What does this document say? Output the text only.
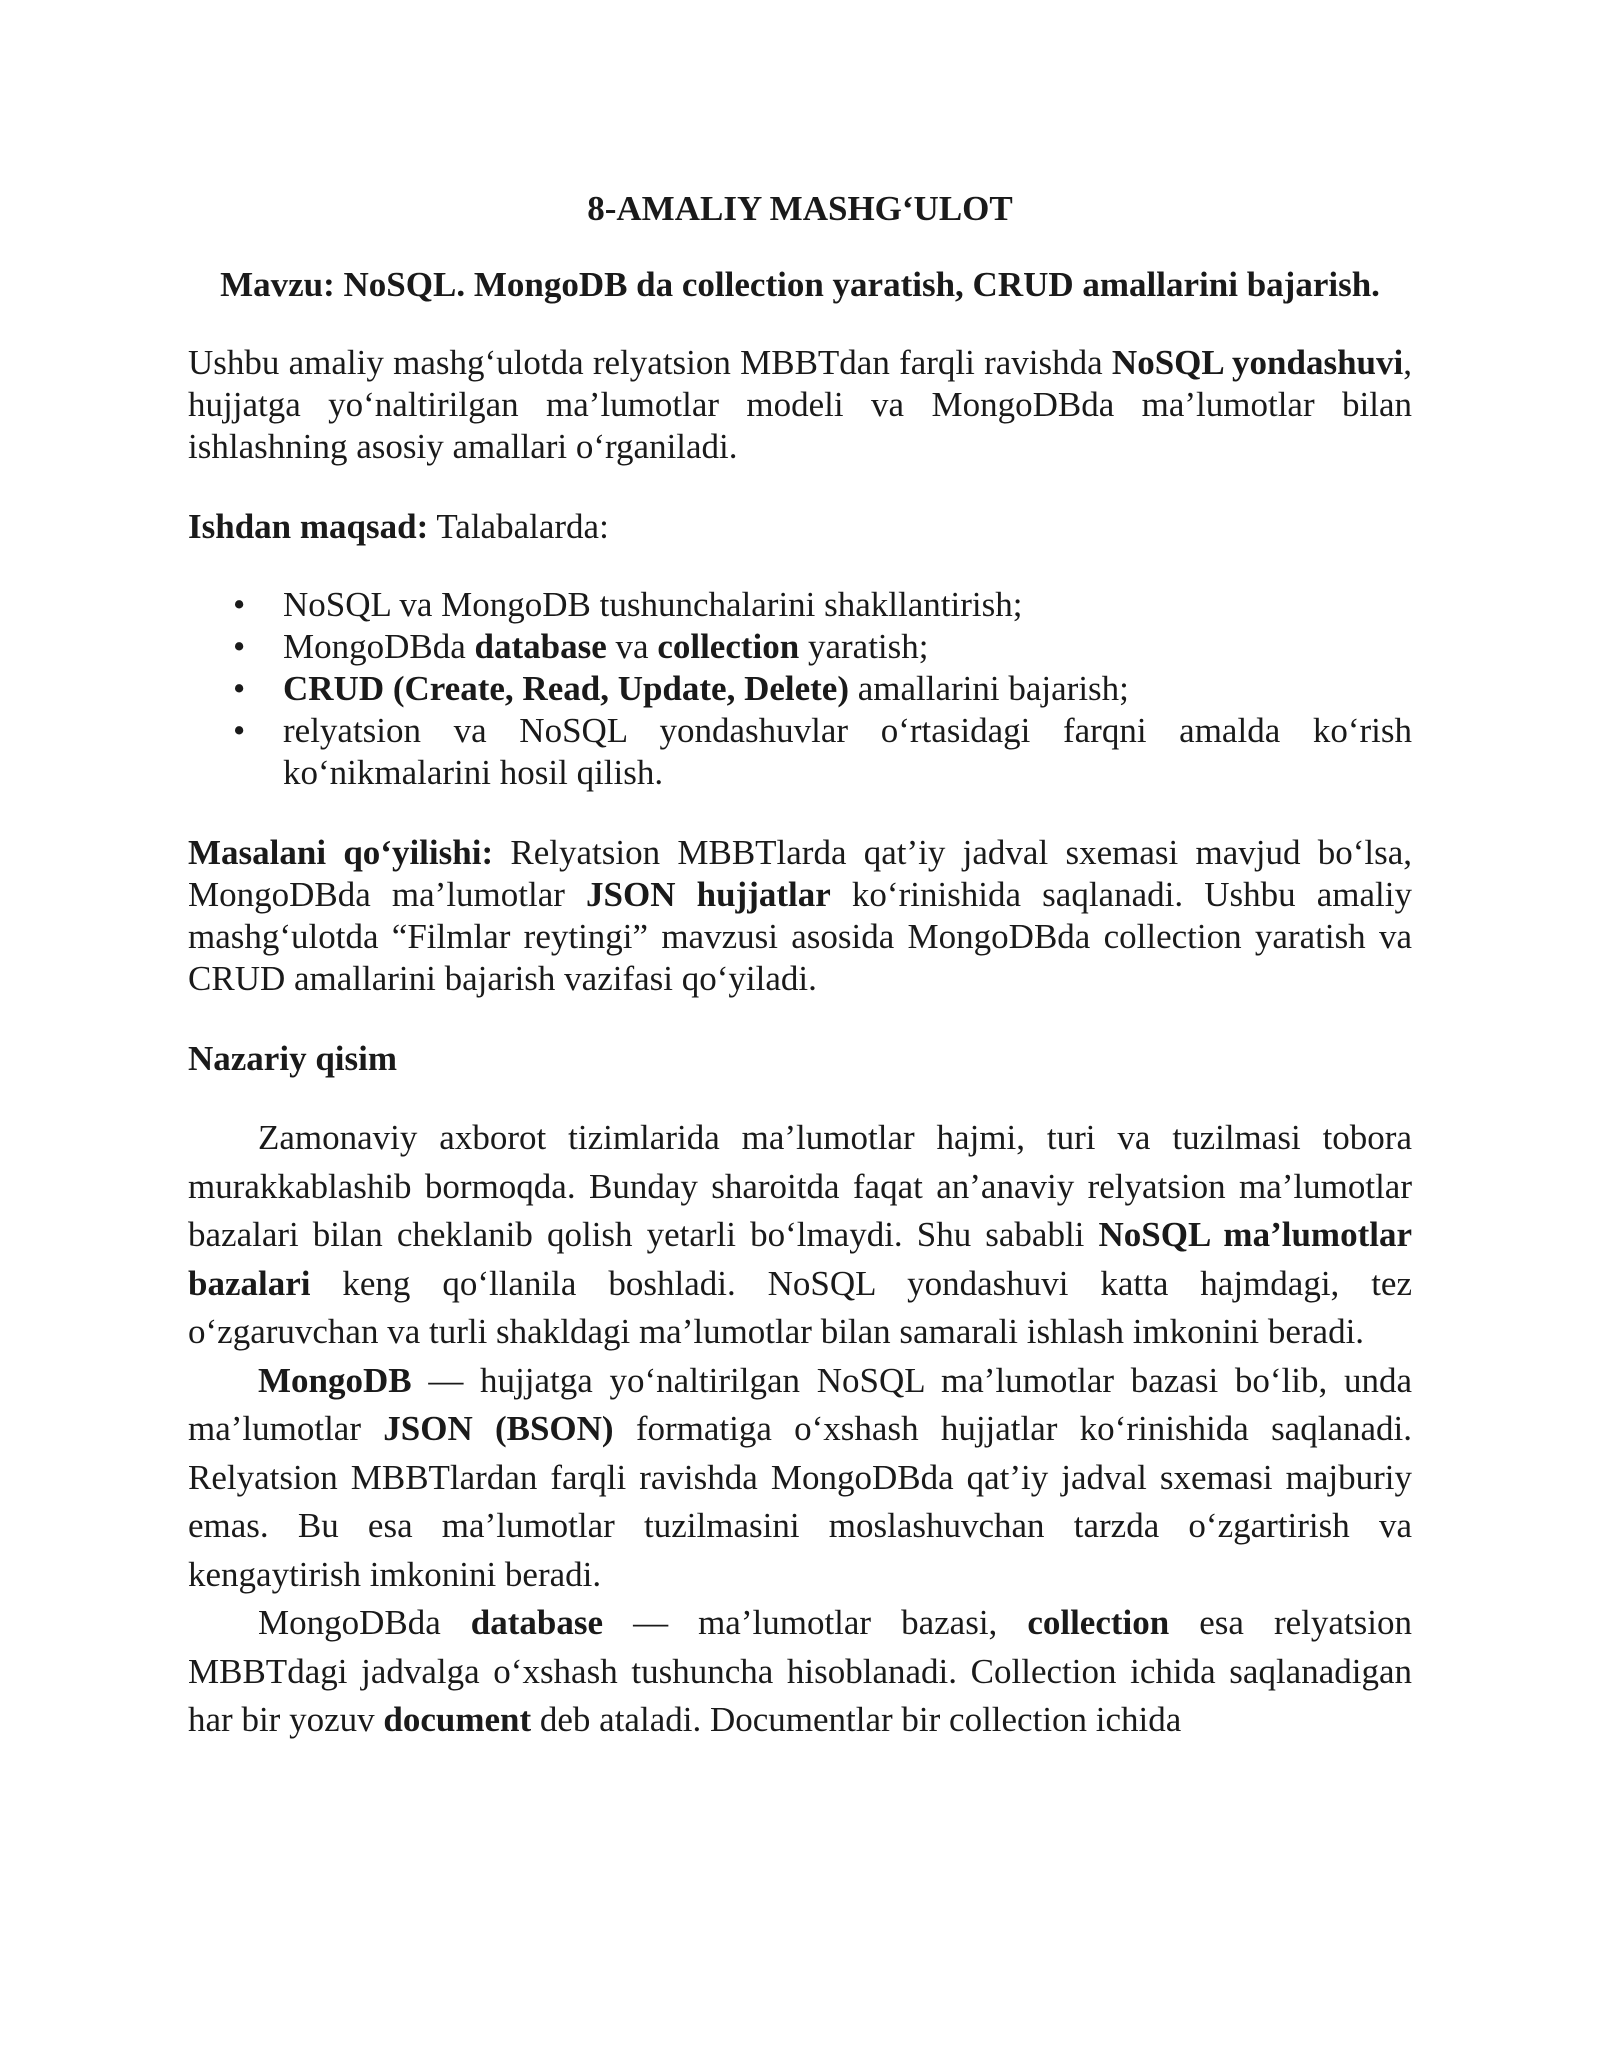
8-AMALIY MASHG‘ULOT
Mavzu: NoSQL. MongoDB da collection yaratish, CRUD amallarini bajarish.

Ushbu amaliy mashg‘ulotda relyatsion MBBTdan farqli ravishda NoSQL yondashuvi, hujjatga yo‘naltirilgan ma’lumotlar modeli va MongoDBda ma’lumotlar bilan ishlashning asosiy amallari o‘rganiladi.

Ishdan maqsad: Talabalarda:

• NoSQL va MongoDB tushunchalarini shakllantirish;
• MongoDBda database va collection yaratish;
• CRUD (Create, Read, Update, Delete) amallarini bajarish;
• relyatsion va NoSQL yondashuvlar o‘rtasidagi farqni amalda ko‘rish ko‘nikmalarini hosil qilish.

Masalani qo‘yilishi: Relyatsion MBBTlarda qat’iy jadval sxemasi mavjud bo‘lsa, MongoDBda ma’lumotlar JSON hujjatlar ko‘rinishida saqlanadi. Ushbu amaliy mashg‘ulotda “Filmlar reytingi” mavzusi asosida MongoDBda collection yaratish va CRUD amallarini bajarish vazifasi qo‘yiladi.

Nazariy qisim

Zamonaviy axborot tizimlarida ma’lumotlar hajmi, turi va tuzilmasi tobora murakkablashib bormoqda. Bunday sharoitda faqat an’anaviy relyatsion ma’lumotlar bazalari bilan cheklanib qolish yetarli bo‘lmaydi. Shu sababli NoSQL ma’lumotlar bazalari keng qo‘llanila boshladi. NoSQL yondashuvi katta hajmdagi, tez o‘zgaruvchan va turli shakldagi ma’lumotlar bilan samarali ishlash imkonini beradi.

MongoDB — hujjatga yo‘naltirilgan NoSQL ma’lumotlar bazasi bo‘lib, unda ma’lumotlar JSON (BSON) formatiga o‘xshash hujjatlar ko‘rinishida saqlanadi. Relyatsion MBBTlardan farqli ravishda MongoDBda qat’iy jadval sxemasi majburiy emas. Bu esa ma’lumotlar tuzilmasini moslashuvchan tarzda o‘zgartirish va kengaytirish imkonini beradi.

MongoDBda database — ma’lumotlar bazasi, collection esa relyatsion MBBTdagi jadvalga o‘xshash tushuncha hisoblanadi. Collection ichida saqlanadigan har bir yozuv document deb ataladi. Documentlar bir collection ichida
